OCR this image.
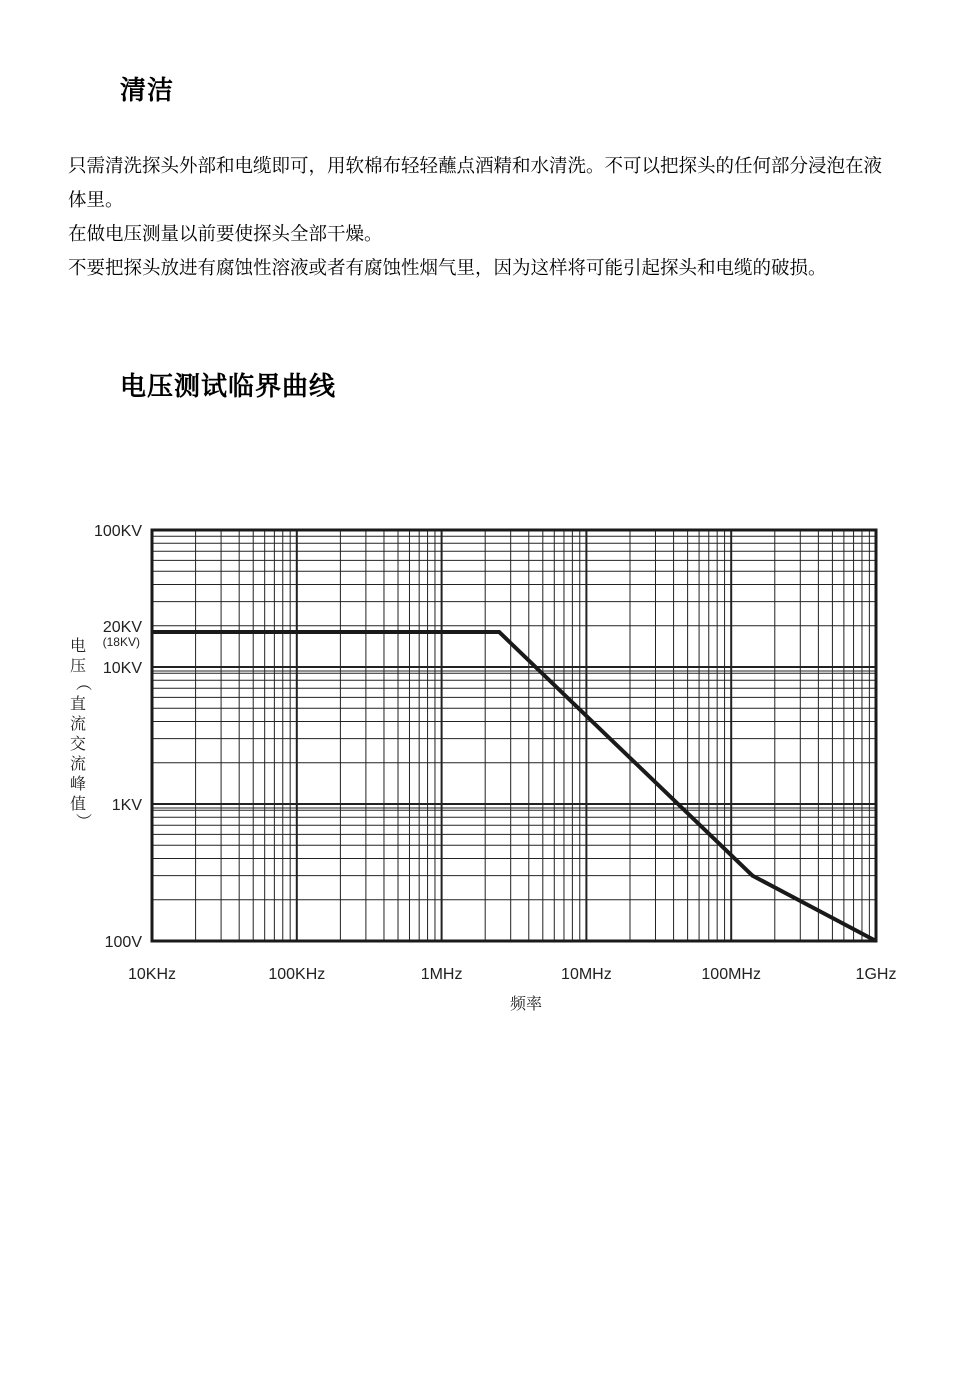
清洁

只需清洗探头外部和电缆即可，用软棉布轻轻蘸点酒精和水清洗。不可以把探头的任何部分浸泡在液体里。

在做电压测量以前要使探头全部干燥。

不要把探头放进有腐蚀性溶液或者有腐蚀性烟气里，因为这样将可能引起探头和电缆的破损。

电压测试临界曲线
100V
1KV
10KV
20KV
100KV
10KHz	100KHz	1MHz	10MHz	100MHz	1GHz
(18KV)
频率
电
压
（
直
流
交
流
峰
值
）
